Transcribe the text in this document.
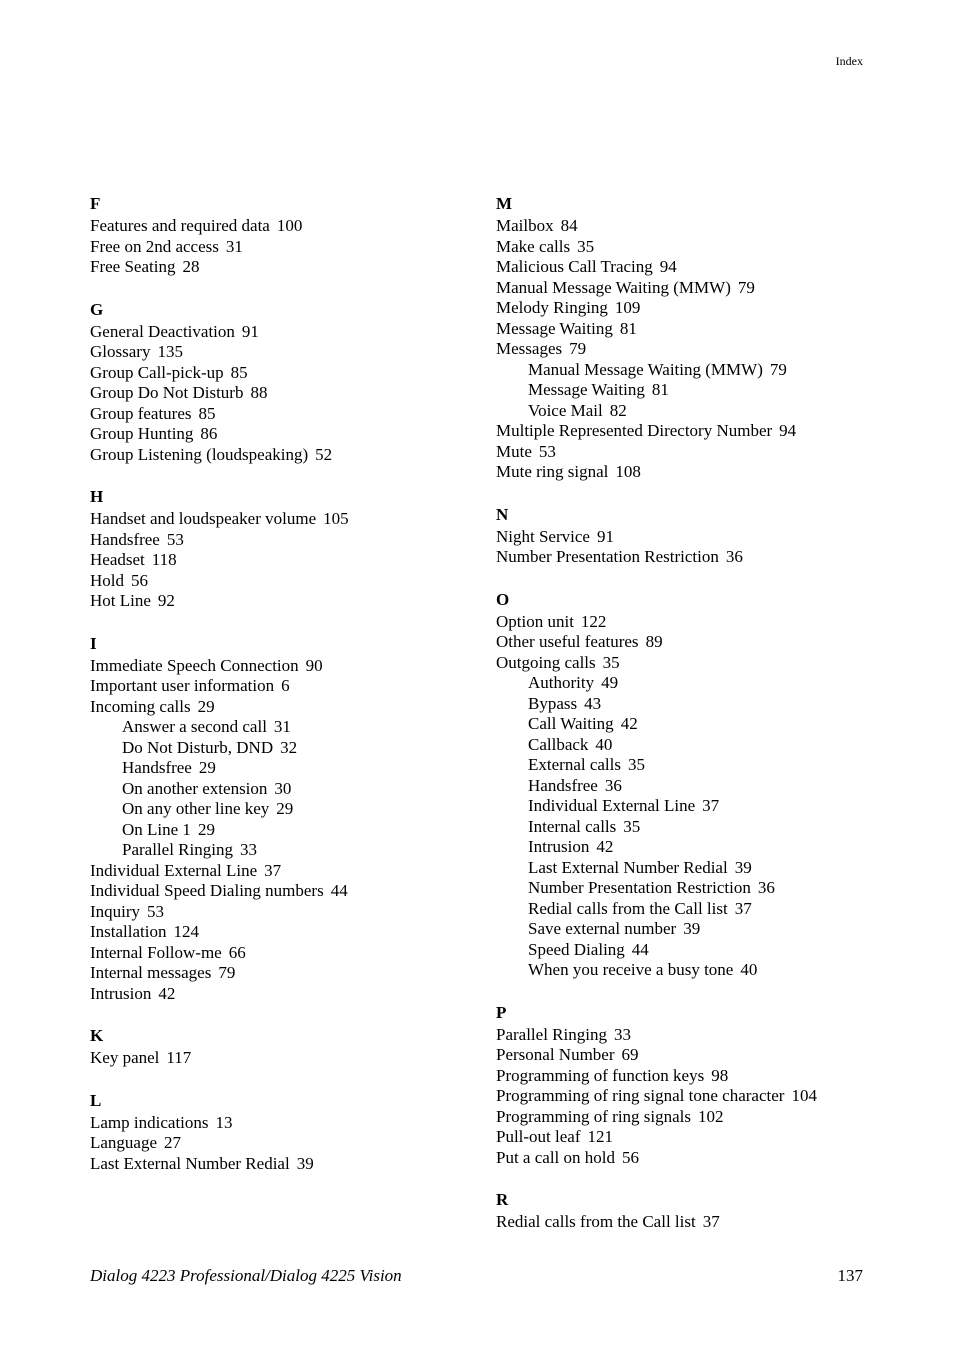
Index
F
Features and required data 100
Free on 2nd access 31
Free Seating 28
G
General Deactivation 91
Glossary 135
Group Call-pick-up 85
Group Do Not Disturb 88
Group features 85
Group Hunting 86
Group Listening (loudspeaking) 52
H
Handset and loudspeaker volume 105
Handsfree 53
Headset 118
Hold 56
Hot Line 92
I
Immediate Speech Connection 90
Important user information 6
Incoming calls 29
Answer a second call 31
Do Not Disturb, DND 32
Handsfree 29
On another extension 30
On any other line key 29
On Line 1 29
Parallel Ringing 33
Individual External Line 37
Individual Speed Dialing numbers 44
Inquiry 53
Installation 124
Internal Follow-me 66
Internal messages 79
Intrusion 42
K
Key panel 117
L
Lamp indications 13
Language 27
Last External Number Redial 39
M
Mailbox 84
Make calls 35
Malicious Call Tracing 94
Manual Message Waiting (MMW) 79
Melody Ringing 109
Message Waiting 81
Messages 79
Manual Message Waiting (MMW) 79
Message Waiting 81
Voice Mail 82
Multiple Represented Directory Number 94
Mute 53
Mute ring signal 108
N
Night Service 91
Number Presentation Restriction 36
O
Option unit 122
Other useful features 89
Outgoing calls 35
Authority 49
Bypass 43
Call Waiting 42
Callback 40
External calls 35
Handsfree 36
Individual External Line 37
Internal calls 35
Intrusion 42
Last External Number Redial 39
Number Presentation Restriction 36
Redial calls from the Call list 37
Save external number 39
Speed Dialing 44
When you receive a busy tone 40
P
Parallel Ringing 33
Personal Number 69
Programming of function keys 98
Programming of ring signal tone character 104
Programming of ring signals 102
Pull-out leaf 121
Put a call on hold 56
R
Redial calls from the Call list 37
Dialog 4223 Professional/Dialog 4225 Vision	137
